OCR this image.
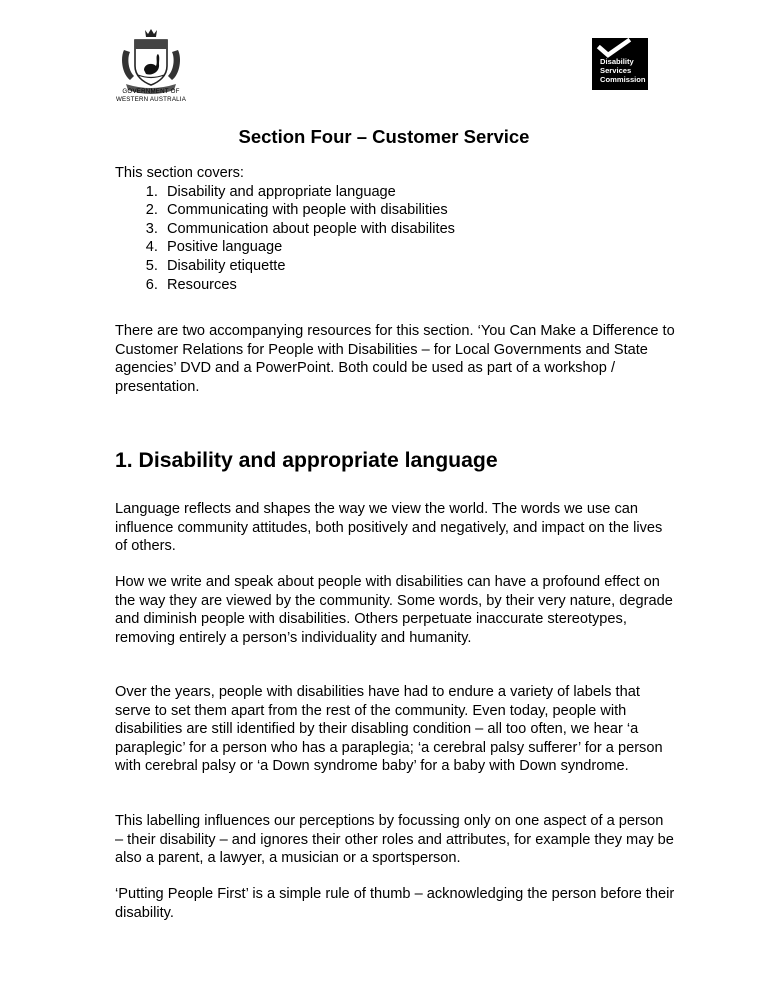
GOVERNMENT OF
WESTERN AUSTRALIA
Disability
Services
Commission
Section Four – Customer Service

This section covers:

1. Disability and appropriate language
2. Communicating with people with disabilities
3. Communication about people with disabilites
4. Positive language
5. Disability etiquette
6. Resources
There are two accompanying resources for this section. ‘You Can Make a Difference to Customer Relations for People with Disabilities – for Local Governments and State agencies’ DVD and a PowerPoint. Both could be used as part of a workshop / presentation.
1. Disability and appropriate language
Language reflects and shapes the way we view the world. The words we use can influence community attitudes, both positively and negatively, and impact on the lives of others.
How we write and speak about people with disabilities can have a profound effect on the way they are viewed by the community. Some words, by their very nature, degrade and diminish people with disabilities. Others perpetuate inaccurate stereotypes, removing entirely a person’s individuality and humanity.
Over the years, people with disabilities have had to endure a variety of labels that serve to set them apart from the rest of the community. Even today, people with disabilities are still identified by their disabling condition – all too often, we hear ‘a paraplegic’ for a person who has a paraplegia; ‘a cerebral palsy sufferer’ for a person with cerebral palsy or ‘a Down syndrome baby’ for a baby with Down syndrome.
This labelling influences our perceptions by focussing only on one aspect of a person – their disability – and ignores their other roles and attributes, for example they may be also a parent, a lawyer, a musician or a sportsperson.
‘Putting People First’ is a simple rule of thumb – acknowledging the person before their disability.
